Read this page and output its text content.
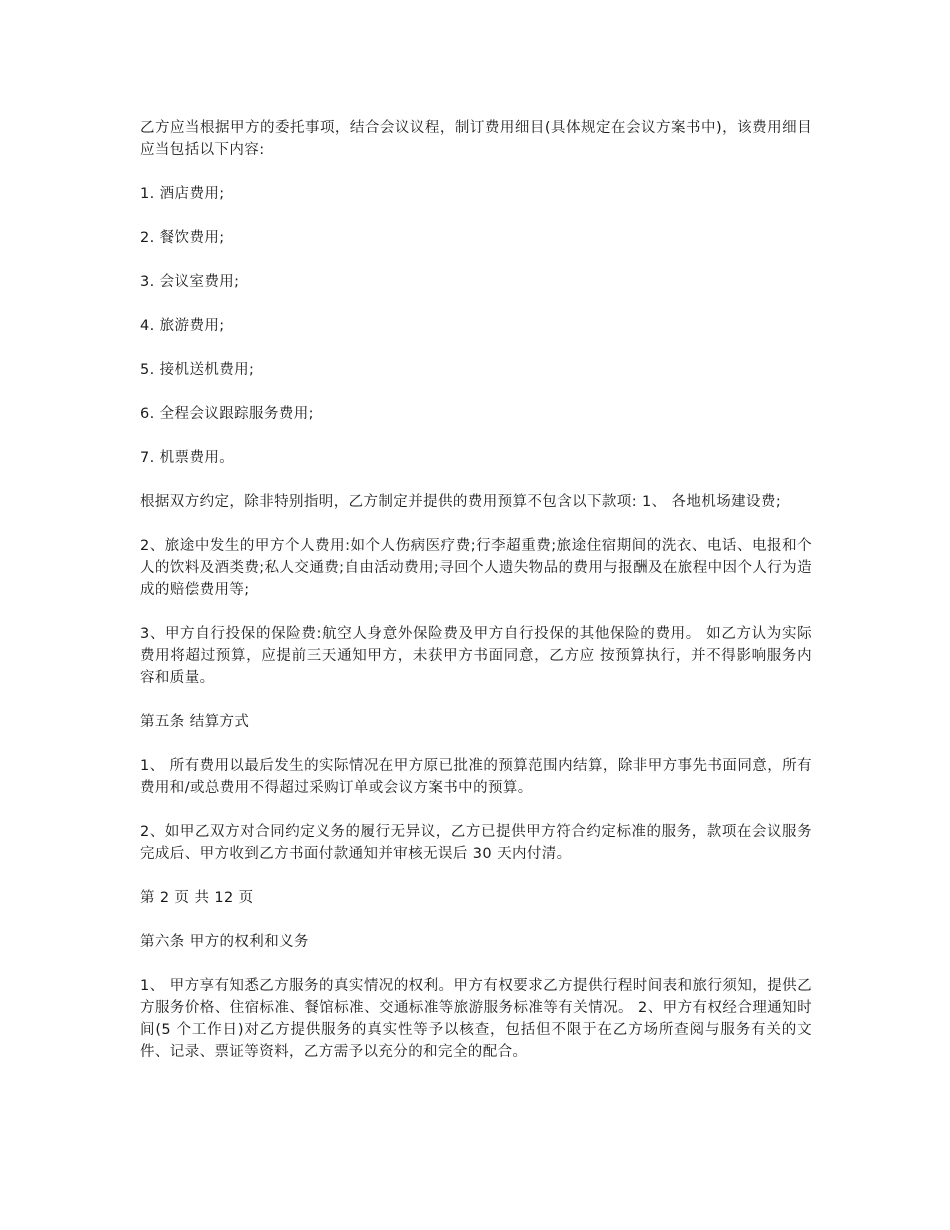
乙方应当根据甲方的委托事项，结合会议议程，制订费用细目(具体规定在会议方案书中)，该费用细目应当包括以下内容:

1. 酒店费用;

2. 餐饮费用;

3. 会议室费用;

4. 旅游费用;

5. 接机送机费用;

6. 全程会议跟踪服务费用;

7. 机票费用。

根据双方约定，除非特别指明，乙方制定并提供的费用预算不包含以下款项: 1、 各地机场建设费;

2、旅途中发生的甲方个人费用:如个人伤病医疗费;行李超重费;旅途住宿期间的洗衣、电话、电报和个人的饮料及酒类费;私人交通费;自由活动费用;寻回个人遗失物品的费用与报酬及在旅程中因个人行为造成的赔偿费用等;

3、甲方自行投保的保险费:航空人身意外保险费及甲方自行投保的其他保险的费用。 如乙方认为实际费用将超过预算，应提前三天通知甲方，未获甲方书面同意，乙方应 按预算执行，并不得影响服务内容和质量。

第五条 结算方式

1、 所有费用以最后发生的实际情况在甲方原已批准的预算范围内结算，除非甲方事先书面同意，所有费用和/或总费用不得超过采购订单或会议方案书中的预算。

2、如甲乙双方对合同约定义务的履行无异议，乙方已提供甲方符合约定标准的服务，款项在会议服务完成后、甲方收到乙方书面付款通知并审核无误后 30 天内付清。

第 2 页 共 12 页

第六条 甲方的权利和义务

1、 甲方享有知悉乙方服务的真实情况的权利。甲方有权要求乙方提供行程时间表和旅行须知，提供乙方服务价格、住宿标准、餐馆标准、交通标准等旅游服务标准等有关情况。 2、甲方有权经合理通知时间(5 个工作日)对乙方提供服务的真实性等予以核查，包括但不限于在乙方场所查阅与服务有关的文件、记录、票证等资料，乙方需予以充分的和完全的配合。
